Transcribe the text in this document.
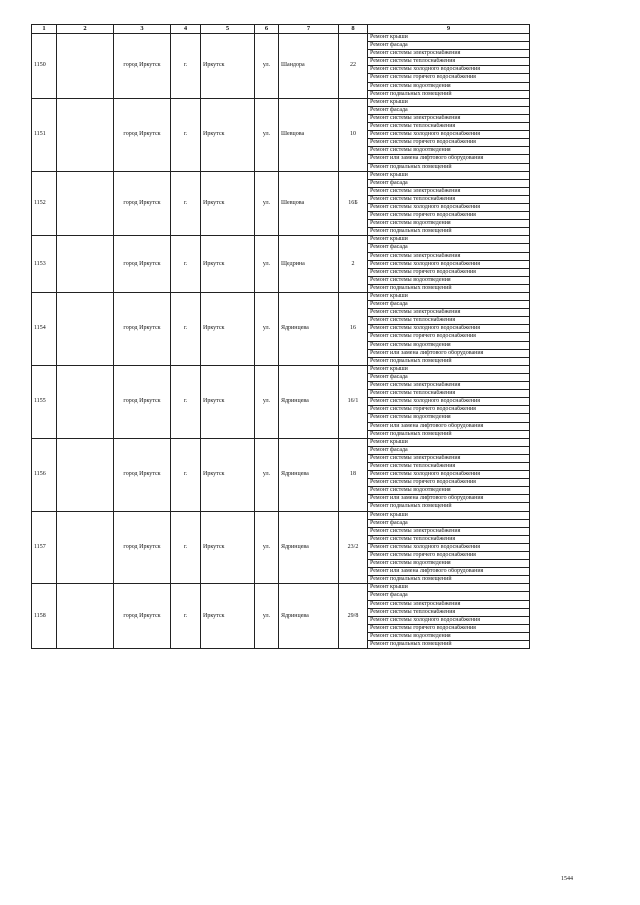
1	2	3	4	5	6	7	8	9
1150		город Иркутск	г.	Иркутск	ул.	Шандора	22	Ремонт крыши
								Ремонт фасада
								Ремонт системы электроснабжения
								Ремонт системы теплоснабжения
								Ремонт системы холодного водоснабжения
								Ремонт системы горячего водоснабжения
								Ремонт системы водоотведения
								Ремонт подвальных помещений
1151		город Иркутск	г.	Иркутск	ул.	Шевцова	10	Ремонт крыши
								Ремонт фасада
								Ремонт системы электроснабжения
								Ремонт системы теплоснабжения
								Ремонт системы холодного водоснабжения
								Ремонт системы горячего водоснабжения
								Ремонт системы водоотведения
								Ремонт или замена лифтового оборудования
								Ремонт подвальных помещений
1152		город Иркутск	г.	Иркутск	ул.	Шевцова	16Б	Ремонт крыши
								Ремонт фасада
								Ремонт системы электроснабжения
								Ремонт системы теплоснабжения
								Ремонт системы холодного водоснабжения
								Ремонт системы горячего водоснабжения
								Ремонт системы водоотведения
								Ремонт подвальных помещений
1153		город Иркутск	г.	Иркутск	ул.	Щедрина	2	Ремонт крыши
								Ремонт фасада
								Ремонт системы электроснабжения
								Ремонт системы холодного водоснабжения
								Ремонт системы горячего водоснабжения
								Ремонт системы водоотведения
								Ремонт подвальных помещений
1154		город Иркутск	г.	Иркутск	ул.	Ядринцева	16	Ремонт крыши
								Ремонт фасада
								Ремонт системы электроснабжения
								Ремонт системы теплоснабжения
								Ремонт системы холодного водоснабжения
								Ремонт системы горячего водоснабжения
								Ремонт системы водоотведения
								Ремонт или замена лифтового оборудования
								Ремонт подвальных помещений
1155		город Иркутск	г.	Иркутск	ул.	Ядринцева	16/1	Ремонт крыши
								Ремонт фасада
								Ремонт системы электроснабжения
								Ремонт системы теплоснабжения
								Ремонт системы холодного водоснабжения
								Ремонт системы горячего водоснабжения
								Ремонт системы водоотведения
								Ремонт или замена лифтового оборудования
								Ремонт подвальных помещений
1156		город Иркутск	г.	Иркутск	ул.	Ядринцева	18	Ремонт крыши
								Ремонт фасада
								Ремонт системы электроснабжения
								Ремонт системы теплоснабжения
								Ремонт системы холодного водоснабжения
								Ремонт системы горячего водоснабжения
								Ремонт системы водоотведения
								Ремонт или замена лифтового оборудования
								Ремонт подвальных помещений
1157		город Иркутск	г.	Иркутск	ул.	Ядринцева	23/2	Ремонт крыши
								Ремонт фасада
								Ремонт системы электроснабжения
								Ремонт системы теплоснабжения
								Ремонт системы холодного водоснабжения
								Ремонт системы горячего водоснабжения
								Ремонт системы водоотведения
								Ремонт или замена лифтового оборудования
								Ремонт подвальных помещений
1158		город Иркутск	г.	Иркутск	ул.	Ядринцева	29/8	Ремонт крыши
								Ремонт фасада
								Ремонт системы электроснабжения
								Ремонт системы теплоснабжения
								Ремонт системы холодного водоснабжения
								Ремонт системы горячего водоснабжения
								Ремонт системы водоотведения
								Ремонт подвальных помещений
1544
